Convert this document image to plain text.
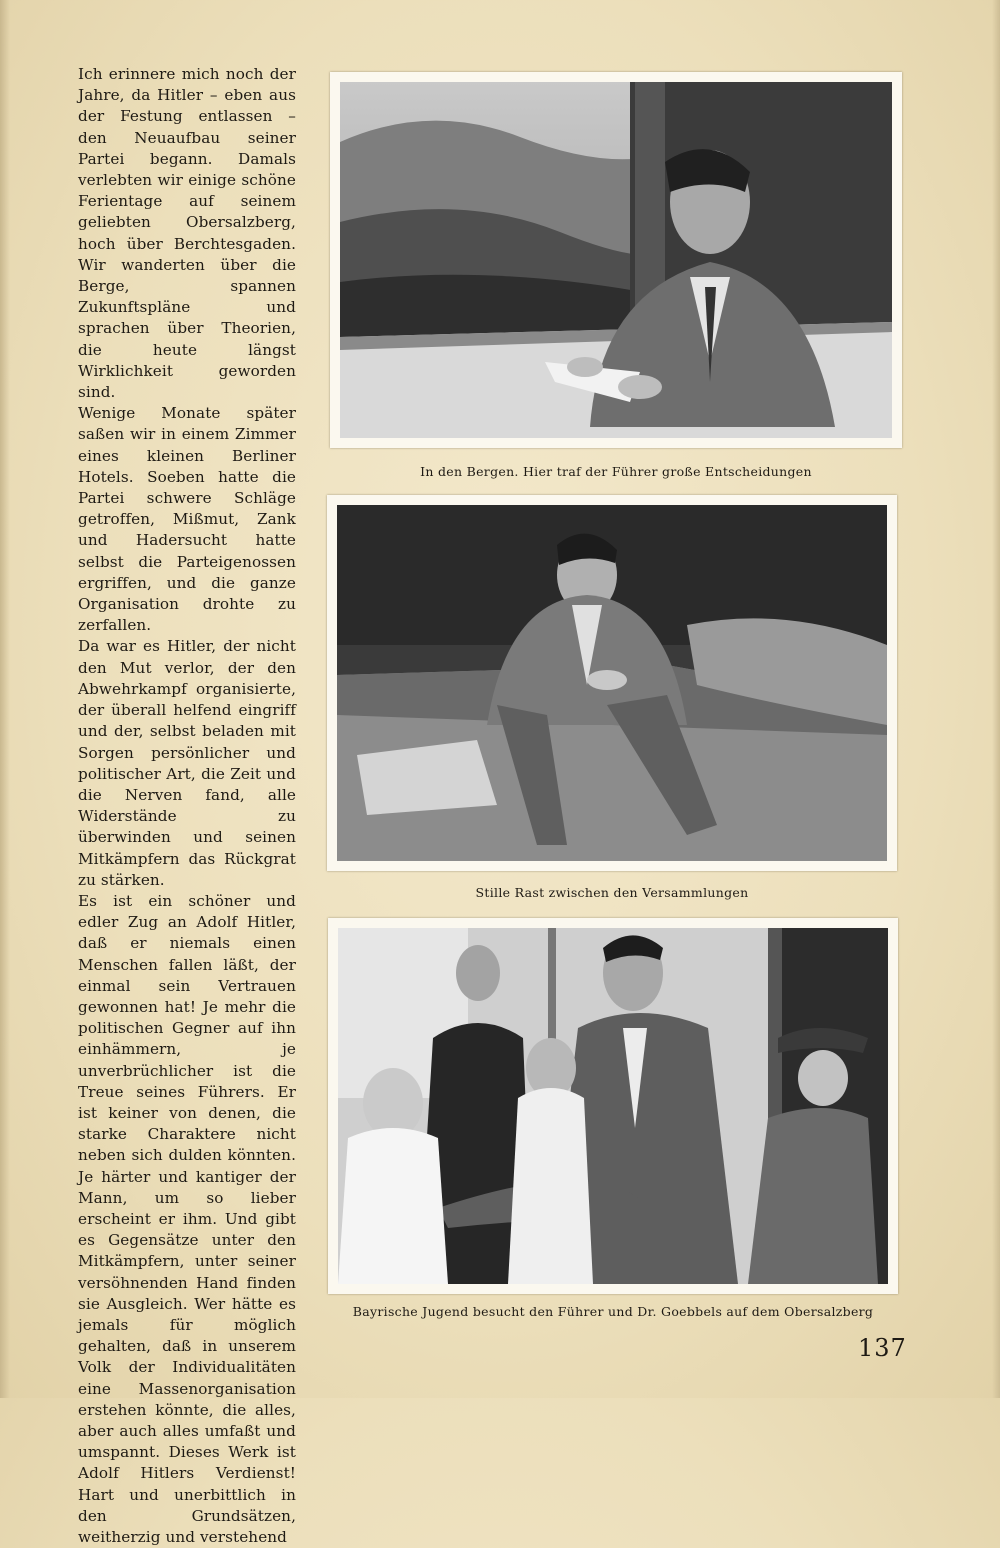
Ich erinnere mich noch der Jahre, da Hitler – eben aus der Festung entlassen – den Neuaufbau seiner Partei begann. Damals verlebten wir einige schöne Ferientage auf seinem geliebten Obersalzberg, hoch über Berchtesgaden. Wir wanderten über die Berge, spannen Zukunftspläne und sprachen über Theorien, die heute längst Wirklichkeit geworden sind.

Wenige Monate später saßen wir in einem Zimmer eines kleinen Berliner Hotels. Soeben hatte die Partei schwere Schläge getroffen, Mißmut, Zank und Hadersucht hatte selbst die Parteigenossen ergriffen, und die ganze Organisation drohte zu zerfallen.

Da war es Hitler, der nicht den Mut verlor, der den Abwehrkampf organisierte, der überall helfend eingriff und der, selbst beladen mit Sorgen persönlicher und politischer Art, die Zeit und die Nerven fand, alle Widerstände zu überwinden und seinen Mitkämpfern das Rückgrat zu stärken.

Es ist ein schöner und edler Zug an Adolf Hitler, daß er niemals einen Menschen fallen läßt, der einmal sein Vertrauen gewonnen hat! Je mehr die politischen Gegner auf ihn einhämmern, je unverbrüchlicher ist die Treue seines Führers. Er ist keiner von denen, die starke Charaktere nicht neben sich dulden könnten. Je härter und kantiger der Mann, um so lieber erscheint er ihm. Und gibt es Gegensätze unter den Mitkämpfern, unter seiner versöhnenden Hand finden sie Ausgleich. Wer hätte es jemals für möglich gehalten, daß in unserem Volk der Individualitäten eine Massenorganisation erstehen könnte, die alles, aber auch alles umfaßt und umspannt. Dieses Werk ist Adolf Hitlers Verdienst! Hart und unerbittlich in den Grundsätzen, weitherzig und verstehend

In den Bergen. Hier traf der Führer große Entscheidungen
Stille Rast zwischen den Versammlungen
Bayrische Jugend besucht den Führer und Dr. Goebbels auf dem Obersalzberg
137
